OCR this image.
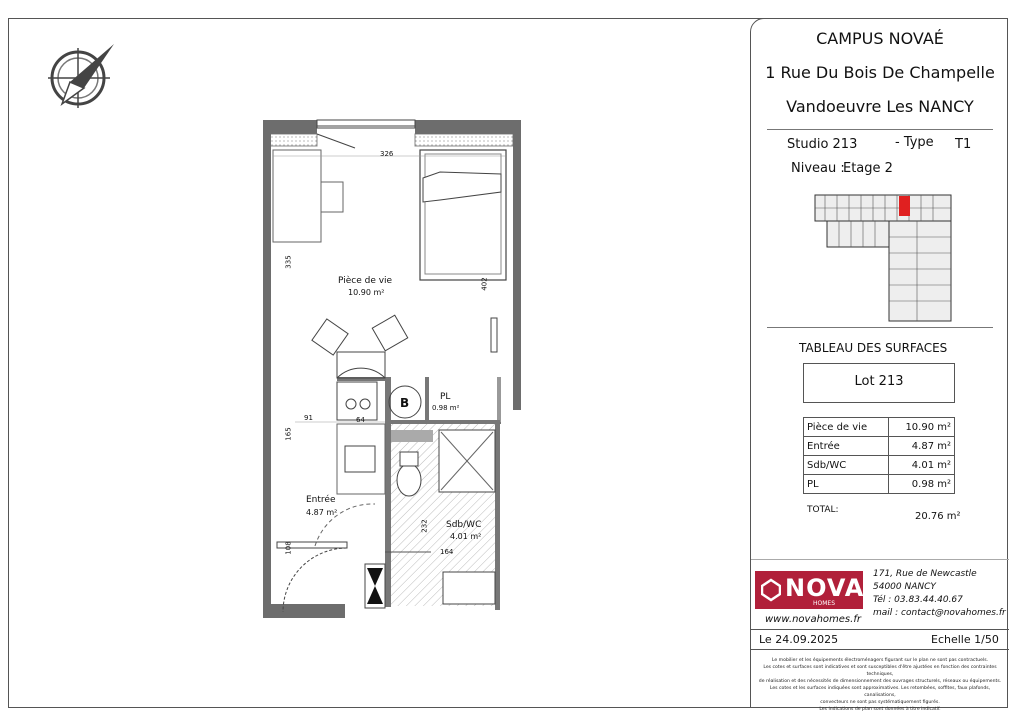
326
335
402
Pièce de vie
10.90 m²
B	PL
0.98 m²
91	64
165
Entrée
4.87 m²
232 Sdb/WC
4.01 m²
108	164
CAMPUS NOVAÉ
1 Rue Du Bois De Champelle
Vandoeuvre Les NANCY
Studio 213	- Type T1
Niveau :
Etage 2
TABLEAU DES SURFACES
Lot 213
Pièce de vie	10.90 m²
Entrée	4.87 m²
Sdb/WC	4.01 m²
PL	0.98 m²
TOTAL:
20.76 m²
NOVA
HOMES
www.novahomes.fr
171, Rue de Newcastle
54000 NANCY
Tél : 03.83.44.40.67
mail : contact@novahomes.fr
Le 24.09.2025	Echelle 1/50
Le mobilier et les équipements électroménagers figurant sur le plan ne sont pas contractuels.
Les cotes et surfaces sont indicatives et sont susceptibles d'être ajustées en fonction des contraintes techniques,
de réalisation et des nécessités de dimensionnement des ouvrages structurels, réseaux ou équipements.
Les cotes et les surfaces indiquées sont approximatives. Les retombées, soffites, faux plafonds, canalisations,
convecteurs ne sont pas systématiquement figurés.
Les indications de plan sont données à titre indicatif.
